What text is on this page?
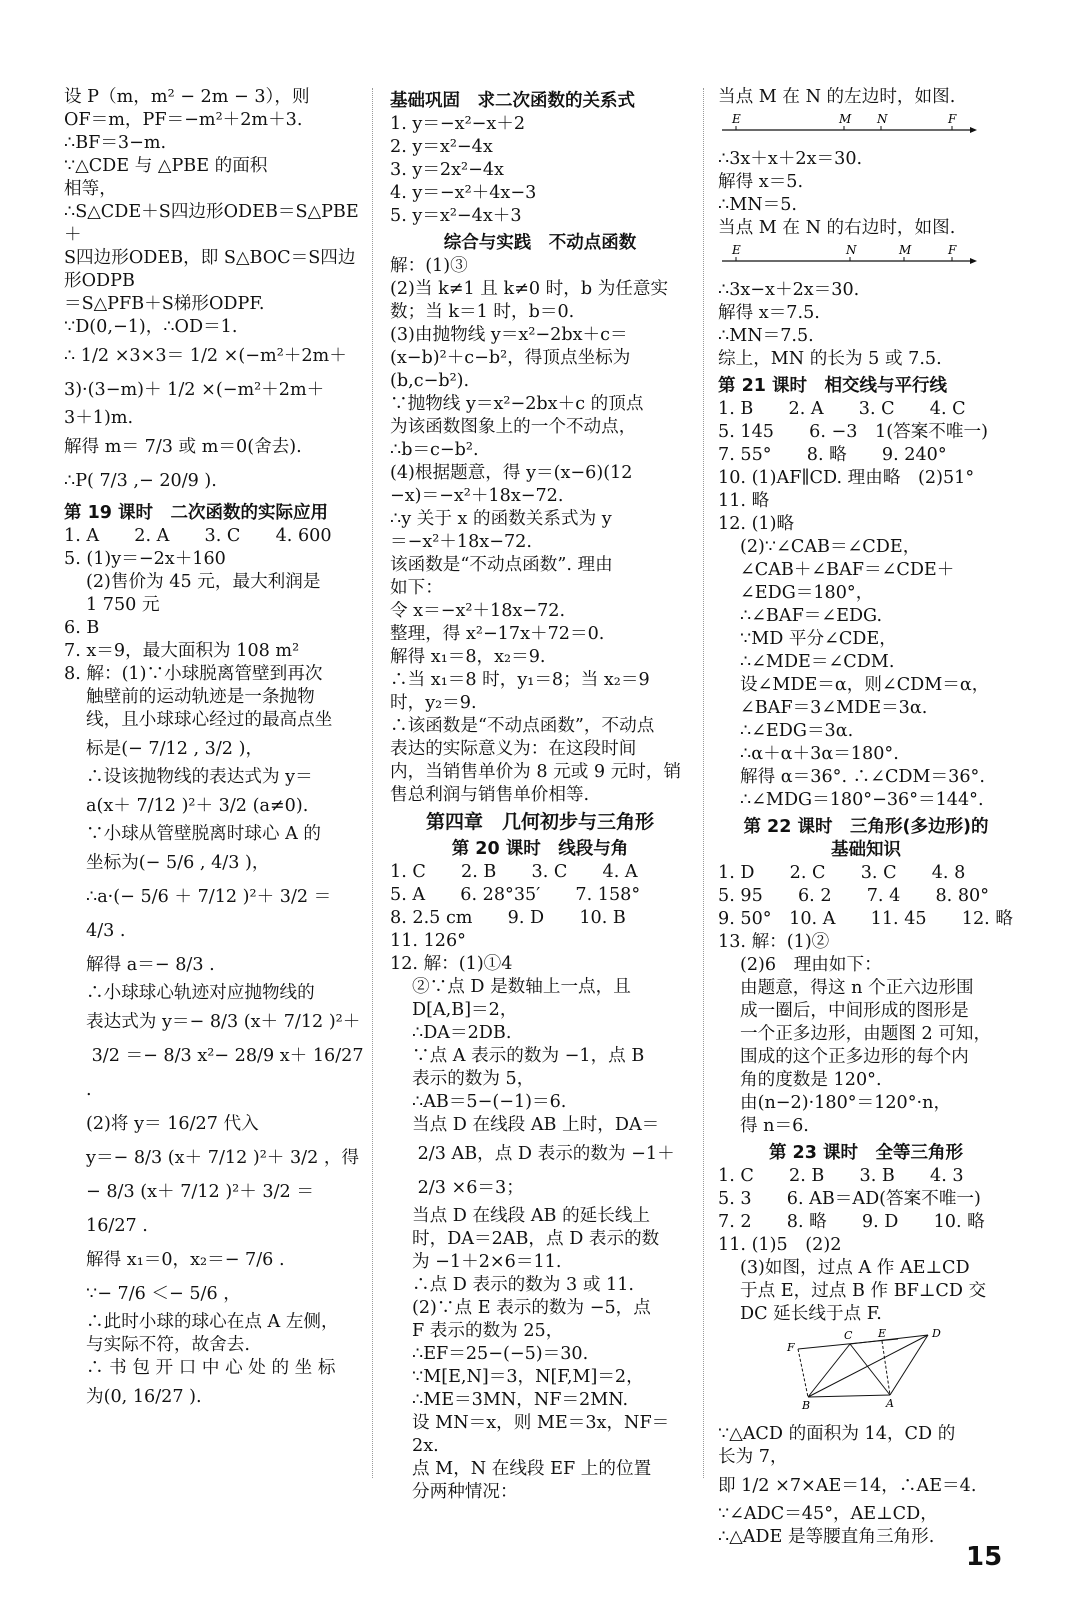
设 P（m，m² − 2m − 3），则
OF＝m，PF＝−m²＋2m＋3.
∴BF＝3−m.
∵△CDE 与 △PBE 的面积
相等，
∴S△CDE＋S四边形ODEB＝S△PBE＋
S四边形ODEB，即 S△BOC＝S四边形ODPB
＝S△PFB＋S梯形ODPF.
∵D(0,−1)，∴OD＝1.
∴ 1/2 ×3×3＝ 1/2 ×(−m²＋2m＋
3)·(3−m)＋ 1/2 ×(−m²＋2m＋
3＋1)m.
解得 m＝ 7/3 或 m＝0(舍去).
∴P( 7/3 ,− 20/9 ).
第 19 课时　二次函数的实际应用
1. A　　2. A　　3. C　　4. 600
5. (1)y＝−2x＋160
(2)售价为 45 元，最大利润是
1 750 元
6. B
7. x＝9，最大面积为 108 m²
8. 解：(1)∵小球脱离管壁到再次
触壁前的运动轨迹是一条抛物
线，且小球球心经过的最高点坐
标是(− 7/12 , 3/2 )，
∴设该抛物线的表达式为 y＝
a(x＋ 7/12 )²＋ 3/2 (a≠0).
∵小球从管壁脱离时球心 A 的
坐标为(− 5/6 , 4/3 )，
∴a·(− 5/6 ＋ 7/12 )²＋ 3/2 ＝ 4/3 .
解得 a＝− 8/3 .
∴小球球心轨迹对应抛物线的
表达式为 y＝− 8/3 (x＋ 7/12 )²＋
3/2 ＝− 8/3 x²− 28/9 x＋ 16/27 .
(2)将 y＝ 16/27 代入
y＝− 8/3 (x＋ 7/12 )²＋ 3/2 ，得
− 8/3 (x＋ 7/12 )²＋ 3/2 ＝ 16/27 .
解得 x₁＝0，x₂＝− 7/6 .
∵− 7/6 ＜− 5/6 ，
∴此时小球的球心在点 A 左侧，
与实际不符，故舍去.
∴ 书 包 开 口 中 心 处 的 坐 标
为(0, 16/27 ).
基础巩固　求二次函数的关系式
1. y＝−x²−x＋2
2. y＝x²−4x
3. y＝2x²−4x
4. y＝−x²＋4x−3
5. y＝x²−4x＋3
综合与实践　不动点函数
解：(1)③
(2)当 k≠1 且 k≠0 时，b 为任意实
数；当 k＝1 时，b＝0.
(3)由抛物线 y＝x²−2bx＋c＝
(x−b)²＋c−b²，得顶点坐标为
(b,c−b²).
∵抛物线 y＝x²−2bx＋c 的顶点
为该函数图象上的一个不动点，
∴b＝c−b².
(4)根据题意，得 y＝(x−6)(12
−x)＝−x²＋18x−72.
∴y 关于 x 的函数关系式为 y
＝−x²＋18x−72.
该函数是“不动点函数”. 理由
如下：
令 x＝−x²＋18x−72.
整理，得 x²−17x＋72＝0.
解得 x₁＝8，x₂＝9.
∴当 x₁＝8 时，y₁＝8；当 x₂＝9
时，y₂＝9.
∴该函数是“不动点函数”，不动点
表达的实际意义为：在这段时间
内，当销售单价为 8 元或 9 元时，销
售总利润与销售单价相等.
第四章　几何初步与三角形
第 20 课时　线段与角
1. C　　2. B　　3. C　　4. A
5. A　　6. 28°35′　　7. 158°
8. 2.5 cm　　9. D　　10. B
11. 126°
12. 解：(1)①4
②∵点 D 是数轴上一点，且
D[A,B]＝2，
∴DA＝2DB.
∵点 A 表示的数为 −1，点 B
表示的数为 5，
∴AB＝5−(−1)＝6.
当点 D 在线段 AB 上时，DA＝
2/3 AB，点 D 表示的数为 −1＋
2/3 ×6＝3；
当点 D 在线段 AB 的延长线上
时，DA＝2AB，点 D 表示的数
为 −1＋2×6＝11.
∴点 D 表示的数为 3 或 11.
(2)∵点 E 表示的数为 −5，点
F 表示的数为 25，
∴EF＝25−(−5)＝30.
∵M[E,N]＝3，N[F,M]＝2，
∴ME＝3MN，NF＝2MN.
设 MN＝x，则 ME＝3x，NF＝2x.
点 M，N 在线段 EF 上的位置
分两种情况：
当点 M 在 N 的左边时，如图.
E	M N	F
∴3x＋x＋2x＝30.
解得 x＝5.
∴MN＝5.
当点 M 在 N 的右边时，如图.
E	N	M	F
∴3x−x＋2x＝30.
解得 x＝7.5.
∴MN＝7.5.
综上，MN 的长为 5 或 7.5.
第 21 课时　相交线与平行线
1. B　　2. A　　3. C　　4. C
5. 145　　6. −3　1(答案不唯一)
7. 55°　　8. 略　　9. 240°
10. (1)AF∥CD. 理由略　(2)51°
11. 略
12. (1)略
(2)∵∠CAB＝∠CDE，
∠CAB＋∠BAF＝∠CDE＋
∠EDG＝180°，
∴∠BAF＝∠EDG.
∵MD 平分∠CDE，
∴∠MDE＝∠CDM.
设∠MDE＝α，则∠CDM＝α，
∠BAF＝3∠MDE＝3α.
∴∠EDG＝3α.
∴α＋α＋3α＝180°.
解得 α＝36°. ∴∠CDM＝36°.
∴∠MDG＝180°−36°＝144°.
第 22 课时　三角形(多边形)的
基础知识
1. D　　2. C　　3. C　　4. 8
5. 95　　6. 2　　7. 4　　8. 80°
9. 50°　10. A　　11. 45　　12. 略
13. 解：(1)②
(2)6　理由如下：
由题意，得这 n 个正六边形围
成一圈后，中间形成的图形是
一个正多边形，由题图 2 可知，
围成的这个正多边形的每个内
角的度数是 120°.
由(n−2)·180°＝120°·n，
得 n＝6.
第 23 课时　全等三角形
1. C　　2. B　　3. B　　4. 3
5. 3　　6. AB＝AD(答案不唯一)
7. 2　　8. 略　　9. D　　10. 略
11. (1)5　(2)2
(3)如图，过点 A 作 AE⊥CD
于点 E，过点 B 作 BF⊥CD 交
DC 延长线于点 F.
F
C E	D
B	A
∵△ACD 的面积为 14，CD 的
长为 7，
即 1/2 ×7×AE＝14，∴AE＝4.
∵∠ADC＝45°，AE⊥CD，
∴△ADE 是等腰直角三角形.
15
